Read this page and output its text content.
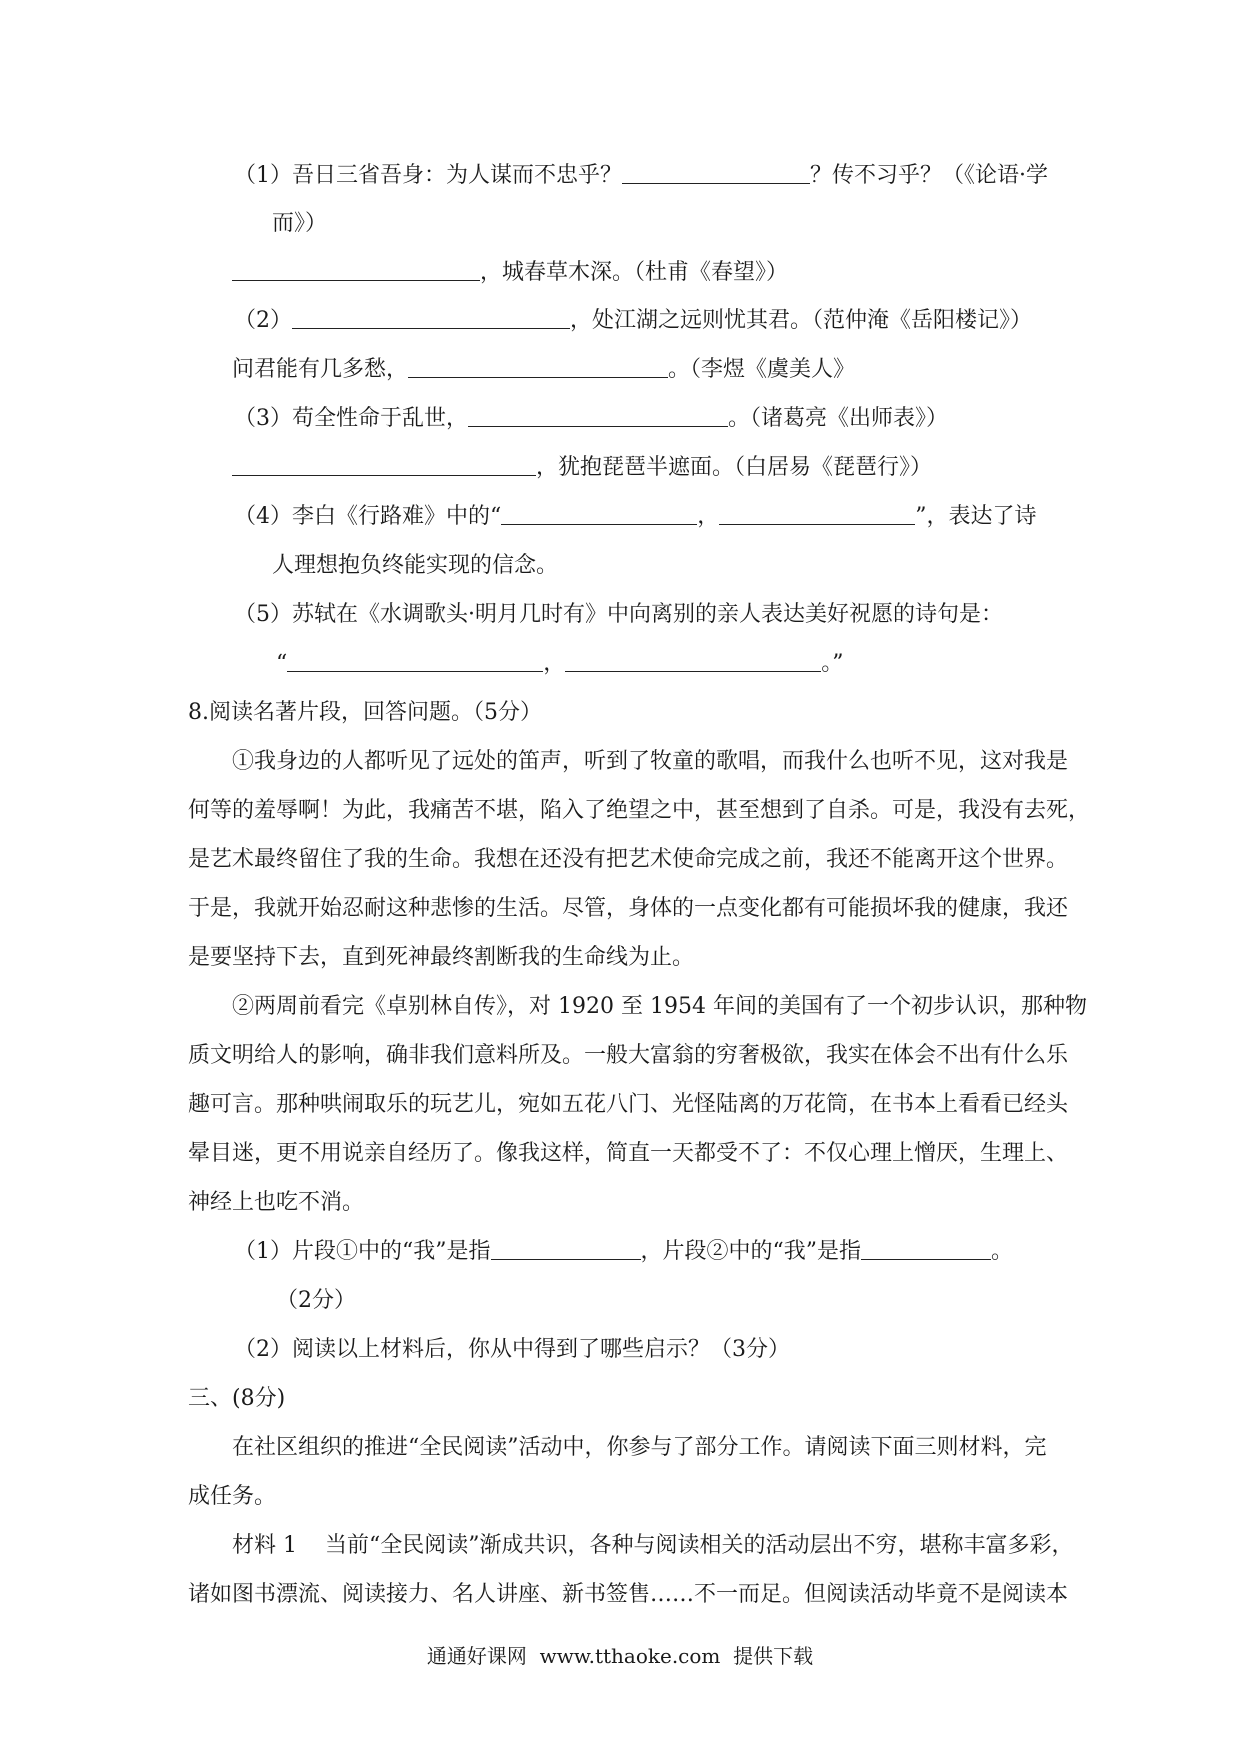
（1）吾日三省吾身：为人谋而不忠乎？	？传不习乎？（《论语·学
而》）
，城春草木深。（杜甫《春望》）
（2）	，处江湖之远则忧其君。（范仲淹《岳阳楼记》）
问君能有几多愁，	。（李煜《虞美人》
（3）苟全性命于乱世，	。（诸葛亮《出师表》）
，犹抱琵琶半遮面。（白居易《琵琶行》）
（4）李白《行路难》中的“	，	”，表达了诗
人理想抱负终能实现的信念。
（5）苏轼在《水调歌头·明月几时有》中向离别的亲人表达美好祝愿的诗句是：
“	，	。”
8.阅读名著片段，回答问题。（5分）
①我身边的人都听见了远处的笛声，听到了牧童的歌唱，而我什么也听不见，这对我是
何等的羞辱啊！为此，我痛苦不堪，陷入了绝望之中，甚至想到了自杀。可是，我没有去死，
是艺术最终留住了我的生命。我想在还没有把艺术使命完成之前，我还不能离开这个世界。
于是，我就开始忍耐这种悲惨的生活。尽管，身体的一点变化都有可能损坏我的健康，我还
是要坚持下去，直到死神最终割断我的生命线为止。
②两周前看完《卓别林自传》，对 1920 至 1954 年间的美国有了一个初步认识，那种物
质文明给人的影响，确非我们意料所及。一般大富翁的穷奢极欲，我实在体会不出有什么乐
趣可言。那种哄闹取乐的玩艺儿，宛如五花八门、光怪陆离的万花筒，在书本上看看已经头
晕目迷，更不用说亲自经历了。像我这样，简直一天都受不了：不仅心理上憎厌，生理上、
神经上也吃不消。
（1）片段①中的“我”是指	，片段②中的“我”是指	。
（2分）
（2）阅读以上材料后，你从中得到了哪些启示？（3分）
三、(8分)
在社区组织的推进“全民阅读”活动中，你参与了部分工作。请阅读下面三则材料，完
成任务。
材料 1    当前“全民阅读”渐成共识，各种与阅读相关的活动层出不穷，堪称丰富多彩，
诸如图书漂流、阅读接力、名人讲座、新书签售……不一而足。但阅读活动毕竟不是阅读本
通通好课网  www.tthaoke.com  提供下载
